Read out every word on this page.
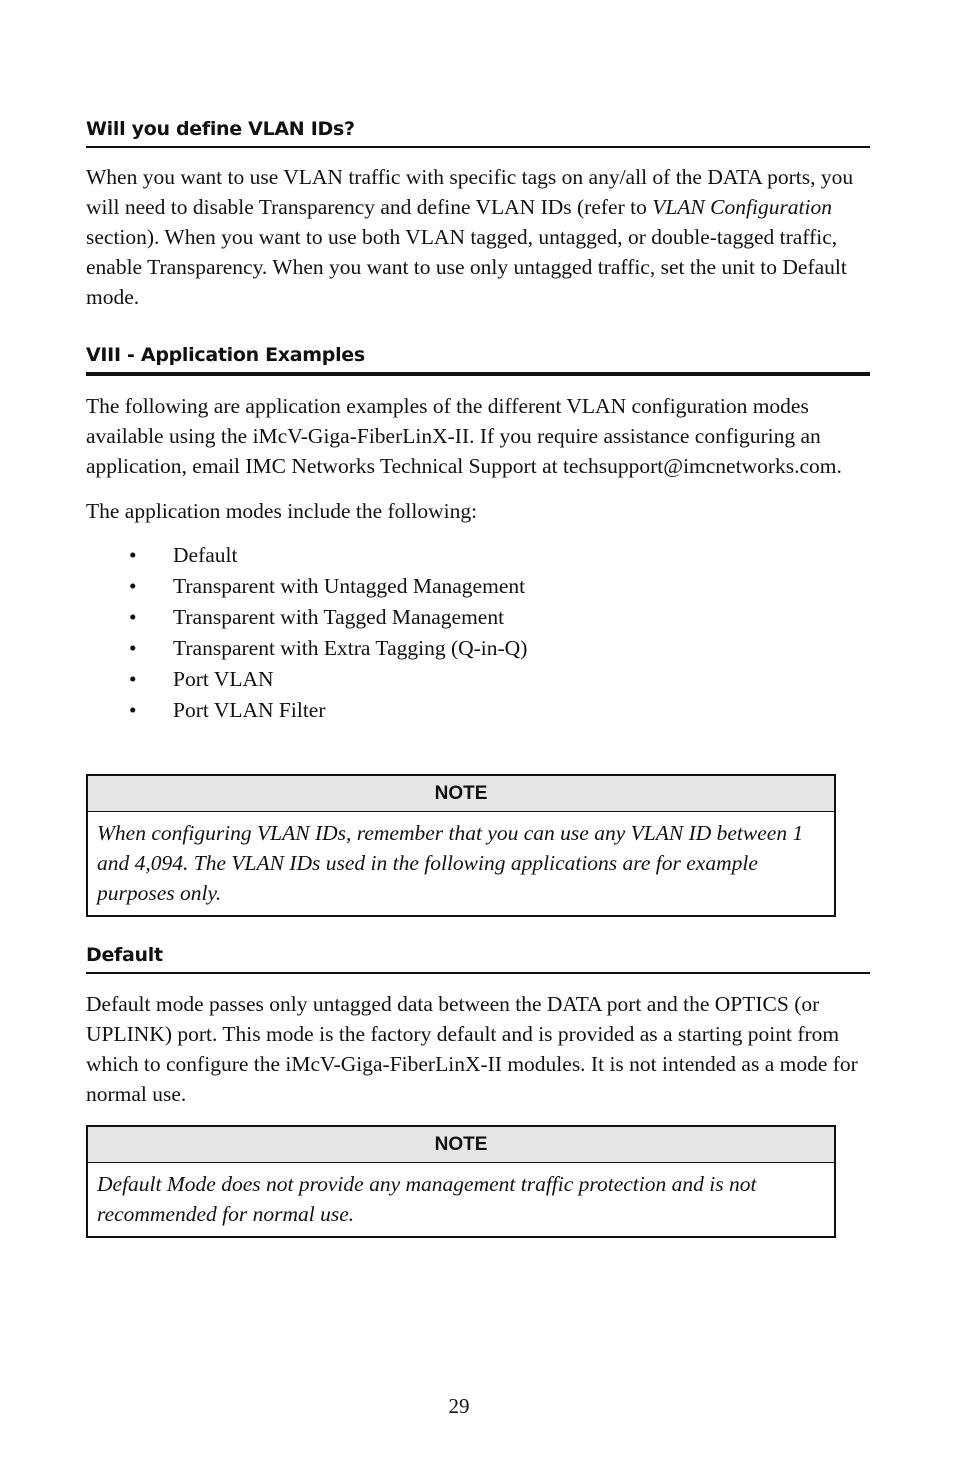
Will you define VLAN IDs?

When you want to use VLAN traffic with specific tags on any/all of the DATA ports, you will need to disable Transparency and define VLAN IDs (refer to VLAN Configuration section). When you want to use both VLAN tagged, untagged, or double-tagged traffic, enable Transparency. When you want to use only untagged traffic, set the unit to Default mode.

VIII - Application Examples

The following are application examples of the different VLAN configuration modes available using the iMcV-Giga-FiberLinX-II. If you require assistance configuring an application, email IMC Networks Technical Support at techsupport@imcnetworks.com.

The application modes include the following:

• Default
• Transparent with Untagged Management
• Transparent with Tagged Management
• Transparent with Extra Tagging (Q-in-Q)
• Port VLAN
• Port VLAN Filter
NOTE
When configuring VLAN IDs, remember that you can use any VLAN ID between 1 and 4,094. The VLAN IDs used in the following applications are for example purposes only.
Default

Default mode passes only untagged data between the DATA port and the OPTICS (or UPLINK) port. This mode is the factory default and is provided as a starting point from which to configure the iMcV-Giga-FiberLinX-II modules. It is not intended as a mode for normal use.

NOTE
Default Mode does not provide any management traffic protection and is not recommended for normal use.
29
